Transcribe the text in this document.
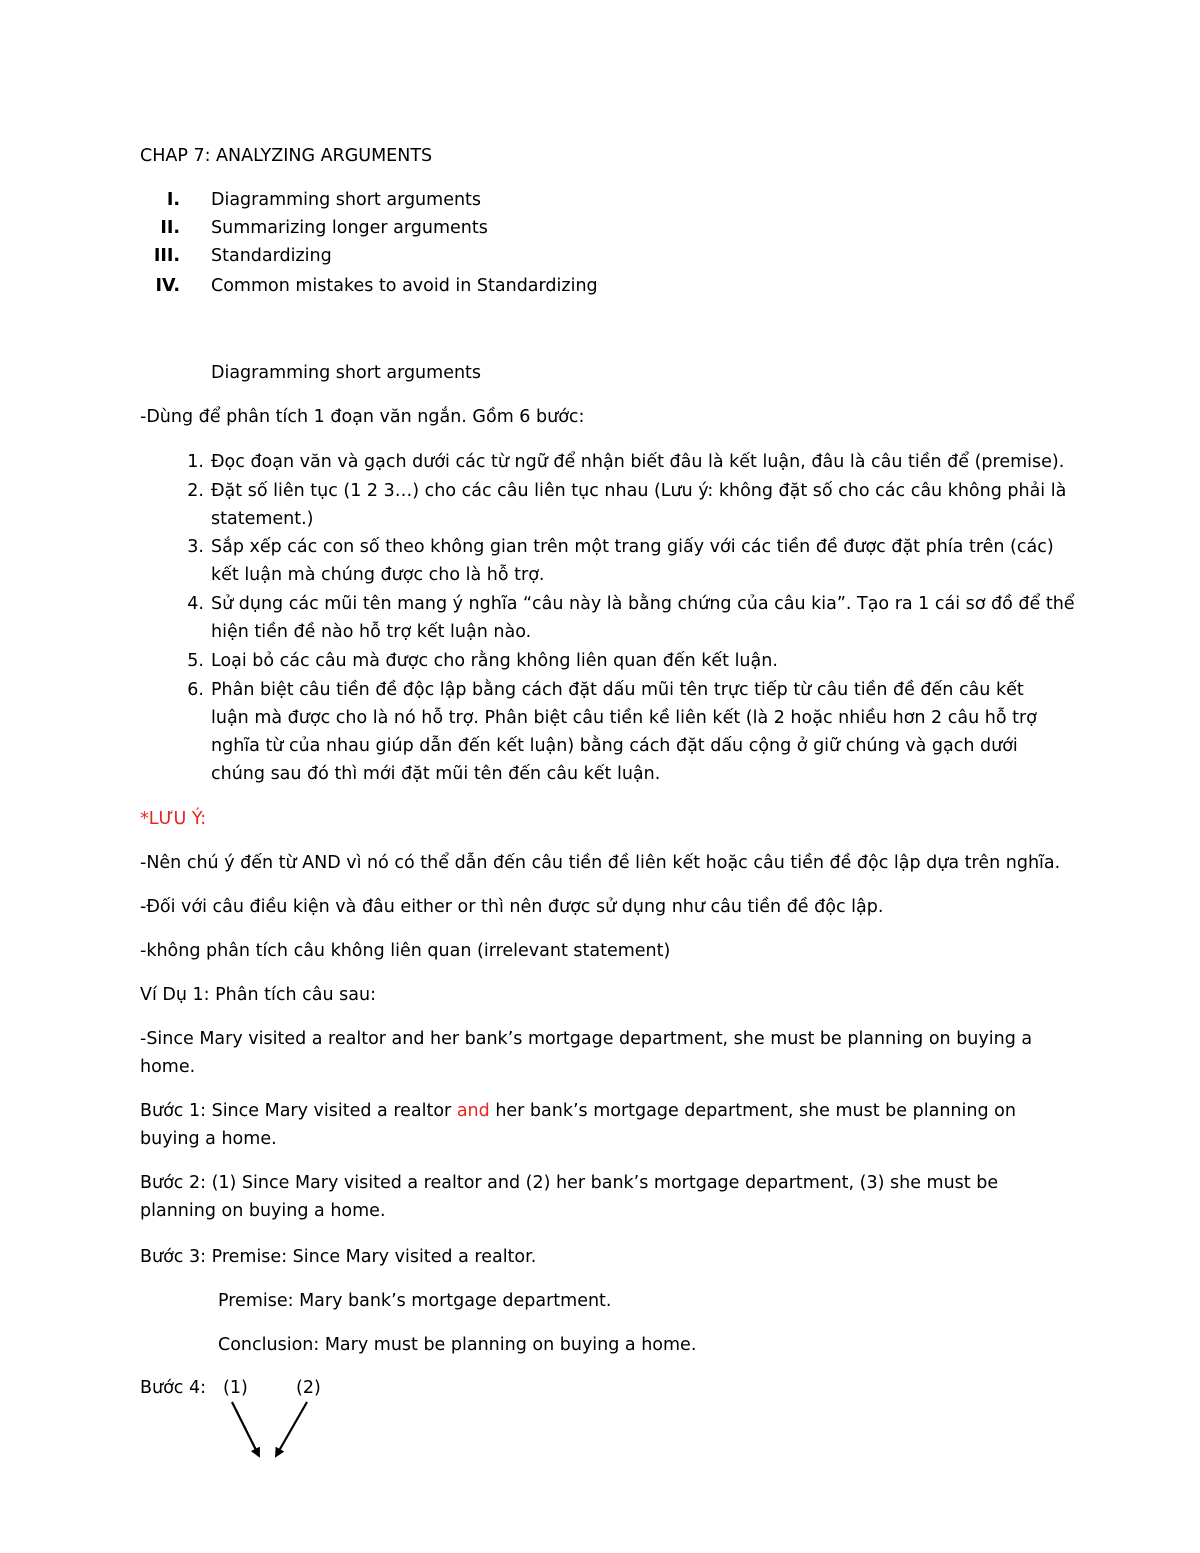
CHAP 7: ANALYZING ARGUMENTS
I. Diagramming short arguments
II. Summarizing longer arguments
III. Standardizing
IV. Common mistakes to avoid in Standardizing
Diagramming short arguments
-Dùng để phân tích 1 đoạn văn ngắn. Gồm 6 bước:
1. Đọc đoạn văn và gạch dưới các từ ngữ để nhận biết đâu là kết luận, đâu là câu tiền để (premise).
2. Đặt số liên tục (1 2 3…) cho các câu liên tục nhau (Lưu ý: không đặt số cho các câu không phải là
statement.)
3. Sắp xếp các con số theo không gian trên một trang giấy với các tiền đề được đặt phía trên (các)
kết luận mà chúng được cho là hỗ trợ.
4. Sử dụng các mũi tên mang ý nghĩa “câu này là bằng chứng của câu kia”. Tạo ra 1 cái sơ đồ để thể
hiện tiền đề nào hỗ trợ kết luận nào.
5. Loại bỏ các câu mà được cho rằng không liên quan đến kết luận.
6. Phân biệt câu tiền đề độc lập bằng cách đặt dấu mũi tên trực tiếp từ câu tiền đề đến câu kết
luận mà được cho là nó hỗ trợ. Phân biệt câu tiền kề liên kết (là 2 hoặc nhiều hơn 2 câu hỗ trợ
nghĩa từ của nhau giúp dẫn đến kết luận) bằng cách đặt dấu cộng ở giữ chúng và gạch dưới
chúng sau đó thì mới đặt mũi tên đến câu kết luận.
*LƯU Ý:
-Nên chú ý đến từ AND vì nó có thể dẫn đến câu tiền đề liên kết hoặc câu tiền đề độc lập dựa trên nghĩa.
-Đối với câu điều kiện và đâu either or thì nên được sử dụng như câu tiền đề độc lập.
-không phân tích câu không liên quan (irrelevant statement)
Ví Dụ 1: Phân tích câu sau:
-Since Mary visited a realtor and her bank’s mortgage department, she must be planning on buying a
home.
Bước 1: Since Mary visited a realtor and her bank’s mortgage department, she must be planning on
buying a home.
Bước 2: (1) Since Mary visited a realtor and (2) her bank’s mortgage department, (3) she must be
planning on buying a home.
Bước 3: Premise: Since Mary visited a realtor.
Premise: Mary bank’s mortgage department.
Conclusion: Mary must be planning on buying a home.
Bước 4: (1)	(2)
